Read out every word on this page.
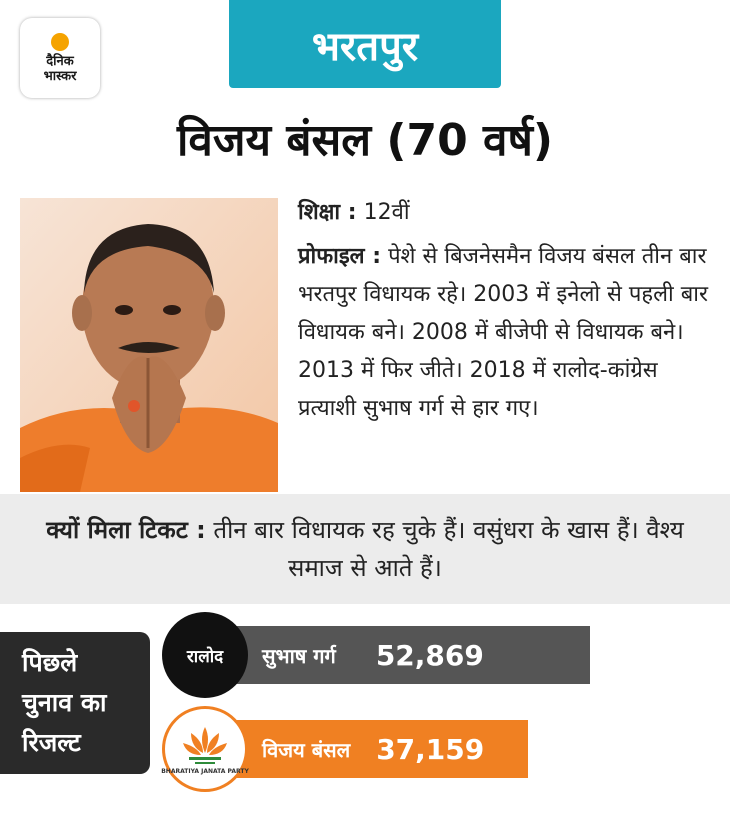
दैनिक
भास्कर
भरतपुर
विजय बंसल (70 वर्ष)

शिक्षा : 12वीं

प्रोफाइल : पेशे से बिजनेसमैन विजय बंसल तीन बार भरतपुर विधायक रहे। 2003 में इनेलो से पहली बार विधायक बने। 2008 में बीजेपी से विधायक बने। 2013 में फिर जीते। 2018 में रालोद-कांग्रेस प्रत्याशी सुभाष गर्ग से हार गए।

क्यों मिला टिकट : तीन बार विधायक रह चुके हैं। वसुंधरा के खास हैं। वैश्य समाज से आते हैं।
पिछले
चुनाव का
रिजल्ट
रालोद सुभाष गर्ग 52,869
BHARATIYA JANATA PARTY
विजय बंसल 37,159
